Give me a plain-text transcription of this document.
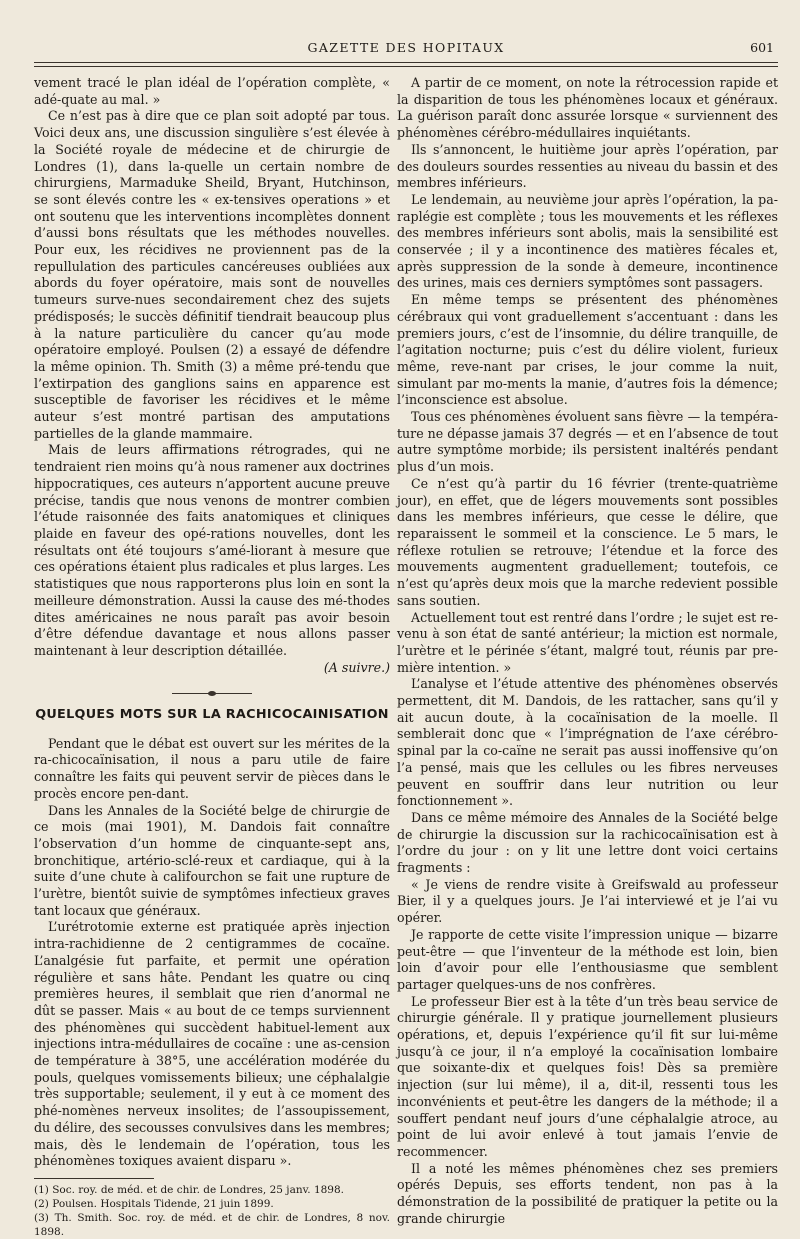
GAZETTE DES HOPITAUX	601

vement tracé le plan idéal de l’opération complète, « adé-quate au mal. »

Ce n’est pas à dire que ce plan soit adopté par tous. Voici deux ans, une discussion singulière s’est élevée à la Société royale de médecine et de chirurgie de Londres (1), dans la-quelle un certain nombre de chirurgiens, Marmaduke Sheild, Bryant, Hutchinson, se sont élevés contre les « ex-tensives operations » et ont soutenu que les interventions incomplètes donnent d’aussi bons résultats que les méthodes nouvelles. Pour eux, les récidives ne proviennent pas de la repullulation des particules cancéreuses oubliées aux abords du foyer opératoire, mais sont de nouvelles tumeurs surve-nues secondairement chez des sujets prédisposés; le succès définitif tiendrait beaucoup plus à la nature particulière du cancer qu’au mode opératoire employé. Poulsen (2) a essayé de défendre la même opinion. Th. Smith (3) a même pré-tendu que l’extirpation des ganglions sains en apparence est susceptible de favoriser les récidives et le même auteur s’est montré partisan des amputations partielles de la glande mammaire.

Mais de leurs affirmations rétrogrades, qui ne tendraient rien moins qu’à nous ramener aux doctrines hippocratiques, ces auteurs n’apportent aucune preuve précise, tandis que nous venons de montrer combien l’étude raisonnée des faits anatomiques et cliniques plaide en faveur des opé-rations nouvelles, dont les résultats ont été toujours s’amé-liorant à mesure que ces opérations étaient plus radicales et plus larges. Les statistiques que nous rapporterons plus loin en sont la meilleure démonstration. Aussi la cause des mé-thodes dites américaines ne nous paraît pas avoir besoin d’être défendue davantage et nous allons passer maintenant à leur description détaillée.

(A suivre.)

QUELQUES MOTS SUR LA RACHICOCAINISATION

Pendant que le débat est ouvert sur les mérites de la ra-chicocaïnisation, il nous a paru utile de faire connaître les faits qui peuvent servir de pièces dans le procès encore pen-dant.

Dans les Annales de la Société belge de chirurgie de ce mois (mai 1901), M. Dandois fait connaître l’observation d’un homme de cinquante-sept ans, bronchitique, artério-sclé-reux et cardiaque, qui à la suite d’une chute à califourchon se fait une rupture de l’urètre, bientôt suivie de symptômes infectieux graves tant locaux que généraux.

L’urétrotomie externe est pratiquée après injection intra-rachidienne de 2 centigrammes de cocaïne. L’analgésie fut parfaite, et permit une opération régulière et sans hâte. Pendant les quatre ou cinq premières heures, il semblait que rien d’anormal ne dût se passer. Mais « au bout de ce temps surviennent des phénomènes qui succèdent habituel-lement aux injections intra-médullaires de cocaïne : une as-cension de température à 38°5, une accélération modérée du pouls, quelques vomissements bilieux; une céphalalgie très supportable; seulement, il y eut à ce moment des phé-nomènes nerveux insolites; de l’assoupissement, du délire, des secousses convulsives dans les membres; mais, dès le lendemain de l’opération, tous les phénomènes toxiques avaient disparu ».

(1) Soc. roy. de méd. et de chir. de Londres, 25 janv. 1898.

(2) Poulsen. Hospitals Tidende, 21 juin 1899.

(3) Th. Smith. Soc. roy. de méd. et de chir. de Londres, 8 nov. 1898.

A partir de ce moment, on note la rétrocession rapide et la disparition de tous les phénomènes locaux et généraux. La guérison paraît donc assurée lorsque « surviennent des phénomènes cérébro-médullaires inquiétants.

Ils s’annoncent, le huitième jour après l’opération, par des douleurs sourdes ressenties au niveau du bassin et des membres inférieurs.

Le lendemain, au neuvième jour après l’opération, la pa-raplégie est complète ; tous les mouvements et les réflexes des membres inférieurs sont abolis, mais la sensibilité est conservée ; il y a incontinence des matières fécales et, après suppression de la sonde à demeure, incontinence des urines, mais ces derniers symptômes sont passagers.

En même temps se présentent des phénomènes cérébraux qui vont graduellement s’accentuant : dans les premiers jours, c’est de l’insomnie, du délire tranquille, de l’agitation nocturne; puis c’est du délire violent, furieux même, reve-nant par crises, le jour comme la nuit, simulant par mo-ments la manie, d’autres fois la démence; l’inconscience est absolue.

Tous ces phénomènes évoluent sans fièvre — la tempéra-ture ne dépasse jamais 37 degrés — et en l’absence de tout autre symptôme morbide; ils persistent inaltérés pendant plus d’un mois.

Ce n’est qu’à partir du 16 février (trente-quatrième jour), en effet, que de légers mouvements sont possibles dans les membres inférieurs, que cesse le délire, que reparaissent le sommeil et la conscience. Le 5 mars, le réflexe rotulien se retrouve; l’étendue et la force des mouvements augmentent graduellement; toutefois, ce n’est qu’après deux mois que la marche redevient possible sans soutien.

Actuellement tout est rentré dans l’ordre ; le sujet est re-venu à son état de santé antérieur; la miction est normale, l’urètre et le périnée s’étant, malgré tout, réunis par pre-mière intention. »

L’analyse et l’étude attentive des phénomènes observés permettent, dit M. Dandois, de les rattacher, sans qu’il y ait aucun doute, à la cocaïnisation de la moelle. Il semblerait donc que « l’imprégnation de l’axe cérébro-spinal par la co-caïne ne serait pas aussi inoffensive qu’on l’a pensé, mais que les cellules ou les fibres nerveuses peuvent en souffrir dans leur nutrition ou leur fonctionnement ».

Dans ce même mémoire des Annales de la Société belge de chirurgie la discussion sur la rachicocaïnisation est à l’ordre du jour : on y lit une lettre dont voici certains fragments :

« Je viens de rendre visite à Greifswald au professeur Bier, il y a quelques jours. Je l’ai interviewé et je l’ai vu opérer.

Je rapporte de cette visite l’impression unique — bizarre peut-être — que l’inventeur de la méthode est loin, bien loin d’avoir pour elle l’enthousiasme que semblent partager quelques-uns de nos confrères.

Le professeur Bier est à la tête d’un très beau service de chirurgie générale. Il y pratique journellement plusieurs opérations, et, depuis l’expérience qu’il fit sur lui-même jusqu’à ce jour, il n’a employé la cocaïnisation lombaire que soixante-dix et quelques fois! Dès sa première injection (sur lui même), il a, dit-il, ressenti tous les inconvénients et peut-être les dangers de la méthode; il a souffert pendant neuf jours d’une céphalalgie atroce, au point de lui avoir enlevé à tout jamais l’envie de recommencer.

Il a noté les mêmes phénomènes chez ses premiers opérés Depuis, ses efforts tendent, non pas à la démonstration de la possibilité de pratiquer la petite ou la grande chirurgie
